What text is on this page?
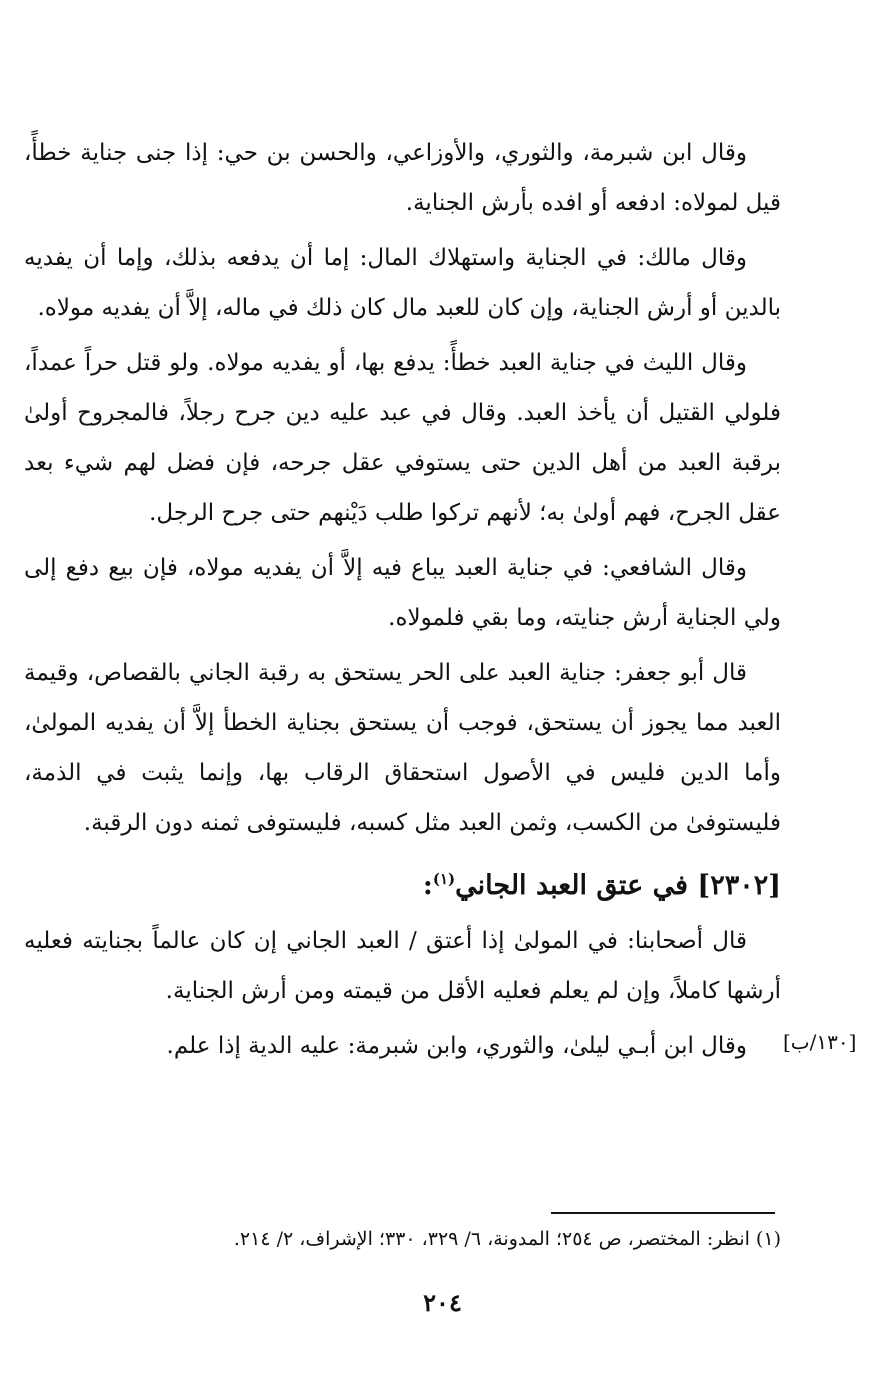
وقال ابن شبرمة، والثوري، والأوزاعي، والحسن بن حي: إذا جنى جناية خطأً، قيل لمولاه: ادفعه أو افده بأرش الجناية.

وقال مالك: في الجناية واستهلاك المال: إما أن يدفعه بذلك، وإما أن يفديه بالدين أو أرش الجناية، وإن كان للعبد مال كان ذلك في ماله، إلاَّ أن يفديه مولاه.

وقال الليث في جناية العبد خطأً: يدفع بها، أو يفديه مولاه. ولو قتل حراً عمداً، فلولي القتيل أن يأخذ العبد. وقال في عبد عليه دين جرح رجلاً، فالمجروح أولىٰ برقبة العبد من أهل الدين حتى يستوفي عقل جرحه، فإن فضل لهم شيء بعد عقل الجرح، فهم أولىٰ به؛ لأنهم تركوا طلب دَيْنهم حتى جرح الرجل.

وقال الشافعي: في جناية العبد يباع فيه إلاَّ أن يفديه مولاه، فإن بيع دفع إلى ولي الجناية أرش جنايته، وما بقي فلمولاه.

قال أبو جعفر: جناية العبد على الحر يستحق به رقبة الجاني بالقصاص، وقيمة العبد مما يجوز أن يستحق، فوجب أن يستحق بجناية الخطأ إلاَّ أن يفديه المولىٰ، وأما الدين فليس في الأصول استحقاق الرقاب بها، وإنما يثبت في الذمة، فليستوفىٰ من الكسب، وثمن العبد مثل كسبه، فليستوفى ثمنه دون الرقبة.

[٢٣٠٢] في عتق العبد الجاني$^{(١)}$:

قال أصحابنا: في المولىٰ إذا أعتق / العبد الجاني إن كان عالماً بجنايته فعليه أرشها كاملاً، وإن لم يعلم فعليه الأقل من قيمته ومن أرش الجناية.

وقال ابن أبـي ليلىٰ، والثوري، وابن شبرمة: عليه الدية إذا علم.	[١٣٠/ب]
(١) انظر: المختصر، ص ٢٥٤؛ المدونة، ٦/ ٣٢٩، ٣٣٠؛ الإشراف، ٢/ ٢١٤.
٢٠٤
